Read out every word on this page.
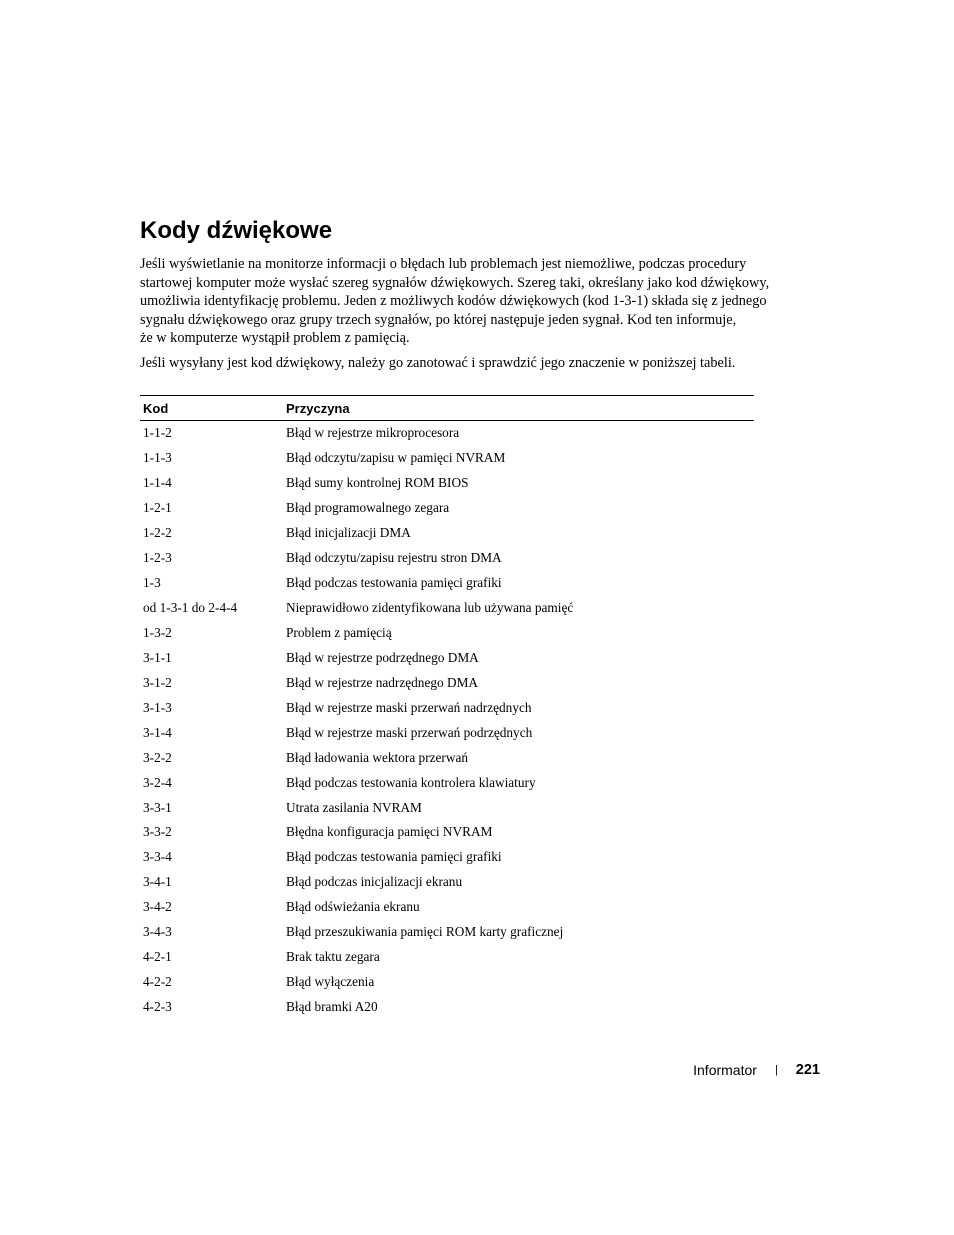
Kody dźwiękowe
Jeśli wyświetlanie na monitorze informacji o błędach lub problemach jest niemożliwe, podczas procedury
startowej komputer może wysłać szereg sygnałów dźwiękowych. Szereg taki, określany jako kod dźwiękowy,
umożliwia identyfikację problemu. Jeden z możliwych kodów dźwiękowych (kod 1-3-1) składa się z jednego
sygnału dźwiękowego oraz grupy trzech sygnałów, po której następuje jeden sygnał. Kod ten informuje,
że w komputerze wystąpił problem z pamięcią.

Jeśli wysyłany jest kod dźwiękowy, należy go zanotować i sprawdzić jego znaczenie w poniższej tabeli.

Kod	Przyczyna
1-1-2	Błąd w rejestrze mikroprocesora
1-1-3	Błąd odczytu/zapisu w pamięci NVRAM
1-1-4	Błąd sumy kontrolnej ROM BIOS
1-2-1	Błąd programowalnego zegara
1-2-2	Błąd inicjalizacji DMA
1-2-3	Błąd odczytu/zapisu rejestru stron DMA
1-3	Błąd podczas testowania pamięci grafiki
od 1-3-1 do 2-4-4	Nieprawidłowo zidentyfikowana lub używana pamięć
1-3-2	Problem z pamięcią
3-1-1	Błąd w rejestrze podrzędnego DMA
3-1-2	Błąd w rejestrze nadrzędnego DMA
3-1-3	Błąd w rejestrze maski przerwań nadrzędnych
3-1-4	Błąd w rejestrze maski przerwań podrzędnych
3-2-2	Błąd ładowania wektora przerwań
3-2-4	Błąd podczas testowania kontrolera klawiatury
3-3-1	Utrata zasilania NVRAM
3-3-2	Błędna konfiguracja pamięci NVRAM
3-3-4	Błąd podczas testowania pamięci grafiki
3-4-1	Błąd podczas inicjalizacji ekranu
3-4-2	Błąd odświeżania ekranu
3-4-3	Błąd przeszukiwania pamięci ROM karty graficznej
4-2-1	Brak taktu zegara
4-2-2	Błąd wyłączenia
4-2-3	Błąd bramki A20
Informator | 221
